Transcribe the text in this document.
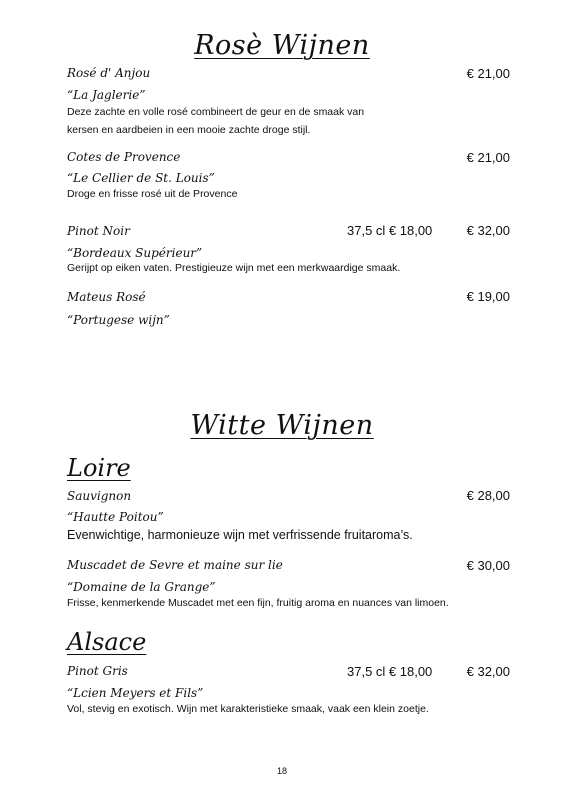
Rosè Wijnen
Rosé d' Anjou	€ 21,00
“La Jaglerie”
Deze zachte en volle rosé combineert de geur en de smaak van
kersen en aardbeien in een mooie zachte droge stijl.
Cotes de Provence	€ 21,00
“Le Cellier de St. Louis”
Droge en frisse rosé uit de Provence
Pinot Noir	37,5 cl € 18,00	€ 32,00
“Bordeaux Supérieur”
Gerijpt op eiken vaten. Prestigieuze wijn met een merkwaardige smaak.
Mateus Rosé	€ 19,00
“Portugese wijn”
Witte Wijnen
Loire
Sauvignon	€ 28,00
“Hautte Poitou”
Evenwichtige, harmonieuze wijn met verfrissende fruitaroma’s.
Muscadet de Sevre et maine sur lie	€ 30,00
“Domaine de la Grange”
Frisse, kenmerkende Muscadet met een fijn, fruitig aroma en nuances van limoen.
Alsace
Pinot Gris	37,5 cl € 18,00	€ 32,00
“Lcien Meyers et Fils”
Vol, stevig en exotisch. Wijn met karakteristieke smaak, vaak een klein zoetje.
18
